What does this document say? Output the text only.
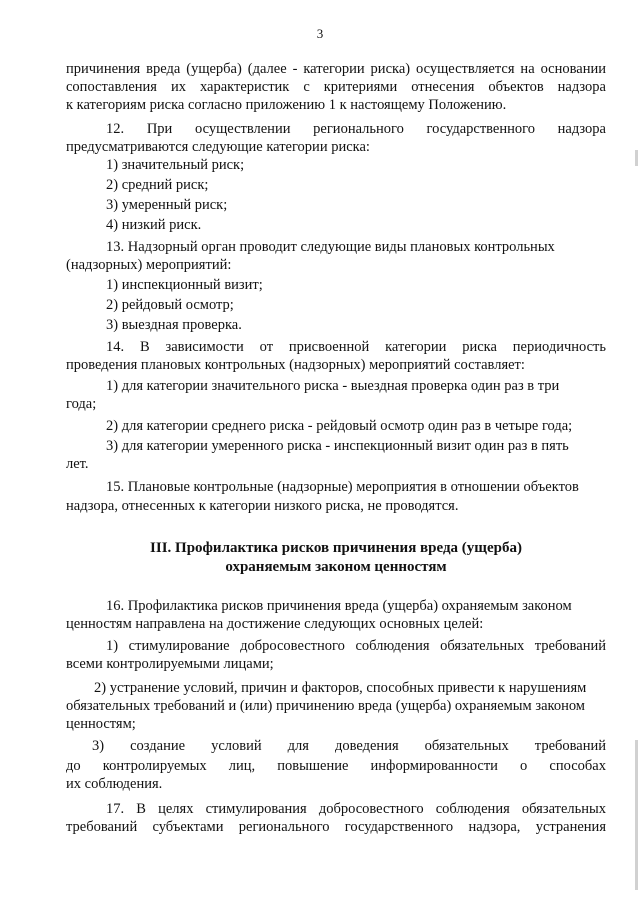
3
причинения вреда (ущерба) (далее - категории риска) осуществляется на основании
сопоставления их характеристик с критериями отнесения объектов надзора
к категориям риска согласно приложению 1 к настоящему Положению.
12. При осуществлении регионального государственного надзора
предусматриваются следующие категории риска:
1) значительный риск;
2) средний риск;
3) умеренный риск;
4) низкий риск.
13. Надзорный орган проводит следующие виды плановых контрольных
(надзорных) мероприятий:
1) инспекционный визит;
2) рейдовый осмотр;
3) выездная проверка.
14. В зависимости от присвоенной категории риска периодичность
проведения плановых контрольных (надзорных) мероприятий составляет:
1) для категории значительного риска - выездная проверка один раз в три
года;
2) для категории среднего риска - рейдовый осмотр один раз в четыре года;
3) для категории умеренного риска - инспекционный визит один раз в пять
лет.
15. Плановые контрольные (надзорные) мероприятия в отношении объектов
надзора, отнесенных к категории низкого риска, не проводятся.
III. Профилактика рисков причинения вреда (ущерба)
охраняемым законом ценностям
16. Профилактика рисков причинения вреда (ущерба) охраняемым законом
ценностям направлена на достижение следующих основных целей:
1) стимулирование добросовестного соблюдения обязательных требований
всеми контролируемыми лицами;
2) устранение условий, причин и факторов, способных привести к нарушениям
обязательных требований и (или) причинению вреда (ущерба) охраняемым законом
ценностям;
3) создание условий для доведения обязательных требований
до контролируемых лиц, повышение информированности о способах
их соблюдения.
17. В целях стимулирования добросовестного соблюдения обязательных
требований субъектами регионального государственного надзора, устранения
